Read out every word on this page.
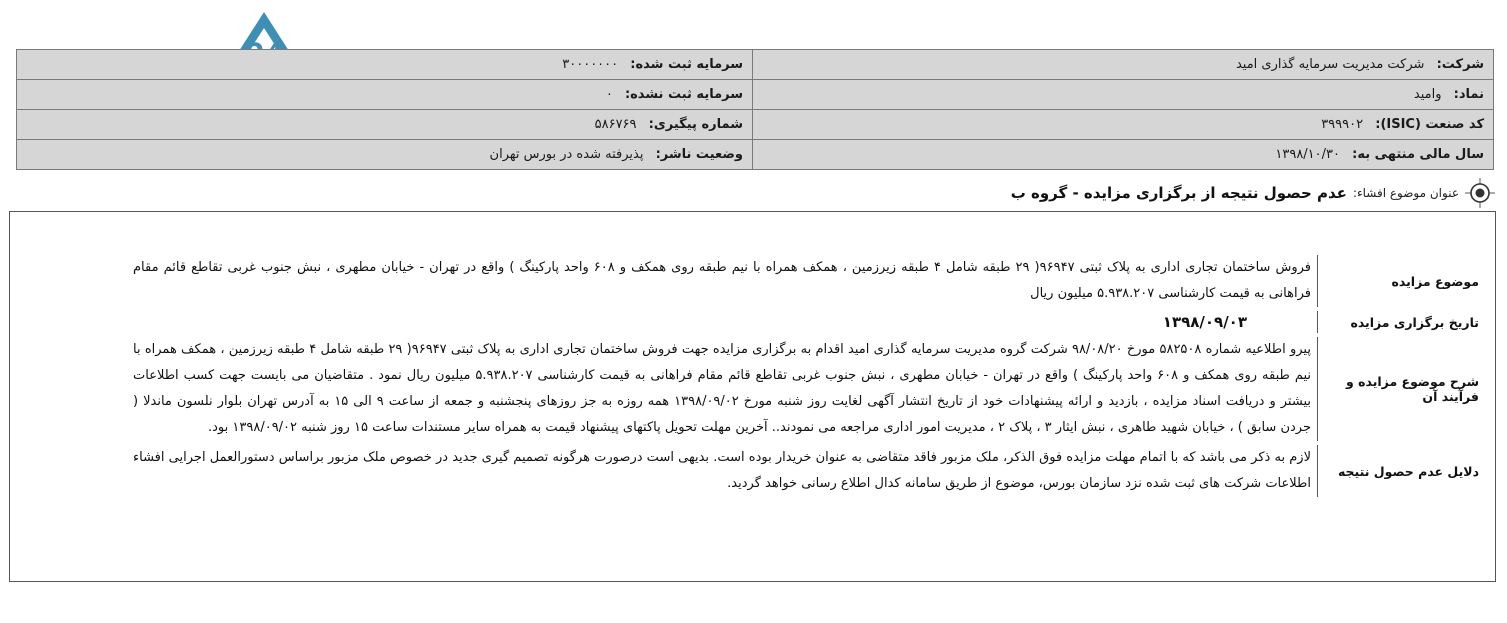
شرکت: شرکت مدیریت سرمایه گذاری امید	سرمایه ثبت شده: ۳۰۰۰۰۰۰۰
نماد: وامید	سرمایه ثبت نشده: ۰
کد صنعت (ISIC): ۳۹۹۹۰۲	شماره پیگیری: ۵۸۶۷۶۹
سال مالی منتهی به: ۱۳۹۸/۱۰/۳۰	وضعیت ناشر: پذیرفته شده در بورس تهران
عنوان موضوع افشاء:
عدم حصول نتیجه از برگزاری مزایده - گروه ب
موضوع مزایده
فروش ساختمان تجاری اداری به پلاک ثبتی ۹۶۹۴۷( ۲۹ طبقه شامل ۴ طبقه زیرزمین ، همکف همراه با نیم طبقه روی همکف و ۶۰۸ واحد پارکینگ ) واقع در تهران - خیابان مطهری ، نبش جنوب غربی تقاطع قائم مقام فراهانی به قیمت کارشناسی ۵.۹۳۸.۲۰۷ میلیون ریال
تاریخ برگزاری مزایده
۱۳۹۸/۰۹/۰۳
شرح موضوع مزایده و فرآیند آن
پیرو اطلاعیه شماره ۵۸۲۵۰۸ مورخ ۹۸/۰۸/۲۰ شرکت گروه مدیریت سرمایه گذاری امید اقدام به برگزاری مزایده جهت فروش ساختمان تجاری اداری به پلاک ثبتی ۹۶۹۴۷( ۲۹ طبقه شامل ۴ طبقه زیرزمین ، همکف همراه با نیم طبقه روی همکف و ۶۰۸ واحد پارکینگ ) واقع در تهران - خیابان مطهری ، نبش جنوب غربی تقاطع قائم مقام فراهانی به قیمت کارشناسی ۵.۹۳۸.۲۰۷ میلیون ریال نمود . متقاضیان می بایست جهت کسب اطلاعات بیشتر و دریافت اسناد مزایده ، بازدید و ارائه پیشنهادات خود از تاریخ انتشار آگهی لغایت روز شنبه مورخ ۱۳۹۸/۰۹/۰۲ همه روزه به جز روزهای پنجشنبه و جمعه از ساعت ۹ الی ۱۵ به آدرس تهران بلوار نلسون ماندلا ( جردن سابق ) ، خیابان شهید طاهری ، نبش ایثار ۳ ، پلاک ۲ ، مدیریت امور اداری مراجعه می نمودند.. آخرین مهلت تحویل پاکتهای پیشنهاد قیمت به همراه سایر مستندات ساعت ۱۵ روز شنبه ۱۳۹۸/۰۹/۰۲ بود.
دلایل عدم حصول نتیجه
لازم به ذکر می باشد که با اتمام مهلت مزایده فوق الذکر، ملک مزبور فاقد متقاضی به عنوان خریدار بوده است. بدیهی است درصورت هرگونه تصمیم گیری جدید در خصوص ملک مزبور براساس دستورالعمل اجرایی افشاء اطلاعات شرکت های ثبت شده نزد سازمان بورس، موضوع از طریق سامانه کدال اطلاع رسانی خواهد گردید.
